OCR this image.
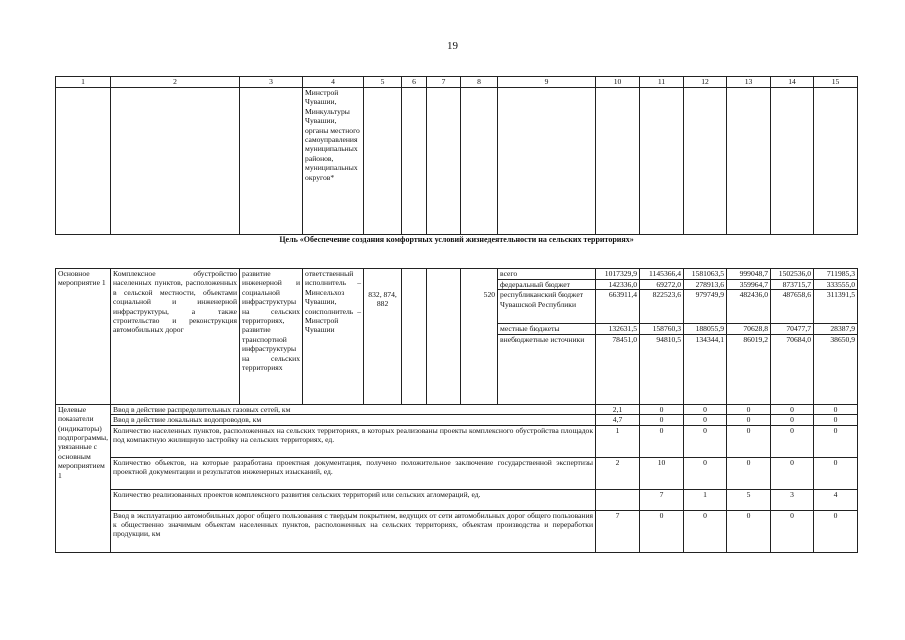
19
1	2	3	4	5	6	7	8	9	10	11	12	13	14	15
			Минстрой Чувашии, Минкультуры Чувашии, органы местного самоуправления муниципальных районов, муниципальных округов*											
Цель «Обеспечение создания комфортных условий жизнедеятельности на сельских территориях»														
Основное мероприятие 1	Комплексное обустройство населенных пунктов, расположенных в сельской местности, объектами социальной и инженерной инфраструктуры, а также строительство и реконструкция автомобильных дорог	развитие инженерной и социальной инфраструктуры на сельских территориях, развитие транспортной инфраструктуры на сельских территориях	ответственный исполнитель – Минсельхоз Чувашии, соисполнитель – Минстрой Чувашии					всего	1017329,9	1145366,4	1581063,5	999048,7	1502536,0	711985,3
								федеральный бюджет	142336,0	69272,0	278913,6	359964,7	873715,7	333555,0
				832, 874, 882			520	республиканский бюджет Чувашской Республики	663911,4	822523,6	979749,9	482436,0	487658,6	311391,5
								местные бюджеты	132631,5	158760,3	188055,9	70628,8	70477,7	28387,9
								внебюджетные источники	78451,0	94810,5	134344,1	86019,2	70684,0	38650,9
Целевые показатели (индикаторы) подпрограммы, увязанные с основным мероприятием 1	Ввод в действие распределительных газовых сетей, км								2,1	0	0	0	0	0
	Ввод в действие локальных водопроводов, км								4,7	0	0	0	0	0
	Количество населенных пунктов, расположенных на сельских территориях, в которых реализованы проекты комплексного обустройства площадок под компактную жилищную застройку на сельских территориях, ед.								1	0	0	0	0	0
	Количество объектов, на которые разработана проектная документация, получено положительное заключение государственной экспертизы проектной документации и результатов инженерных изысканий, ед.								2	10	0	0	0	0
	Количество реализованных проектов комплексного развития сельских территорий или сельских агломераций, ед.									7	1	5	3	4
	Ввод в эксплуатацию автомобильных дорог общего пользования с твердым покрытием, ведущих от сети автомобильных дорог общего пользования к общественно значимым объектам населенных пунктов, расположенных на сельских территориях, объектам производства и переработки продукции, км								7	0	0	0	0	0
